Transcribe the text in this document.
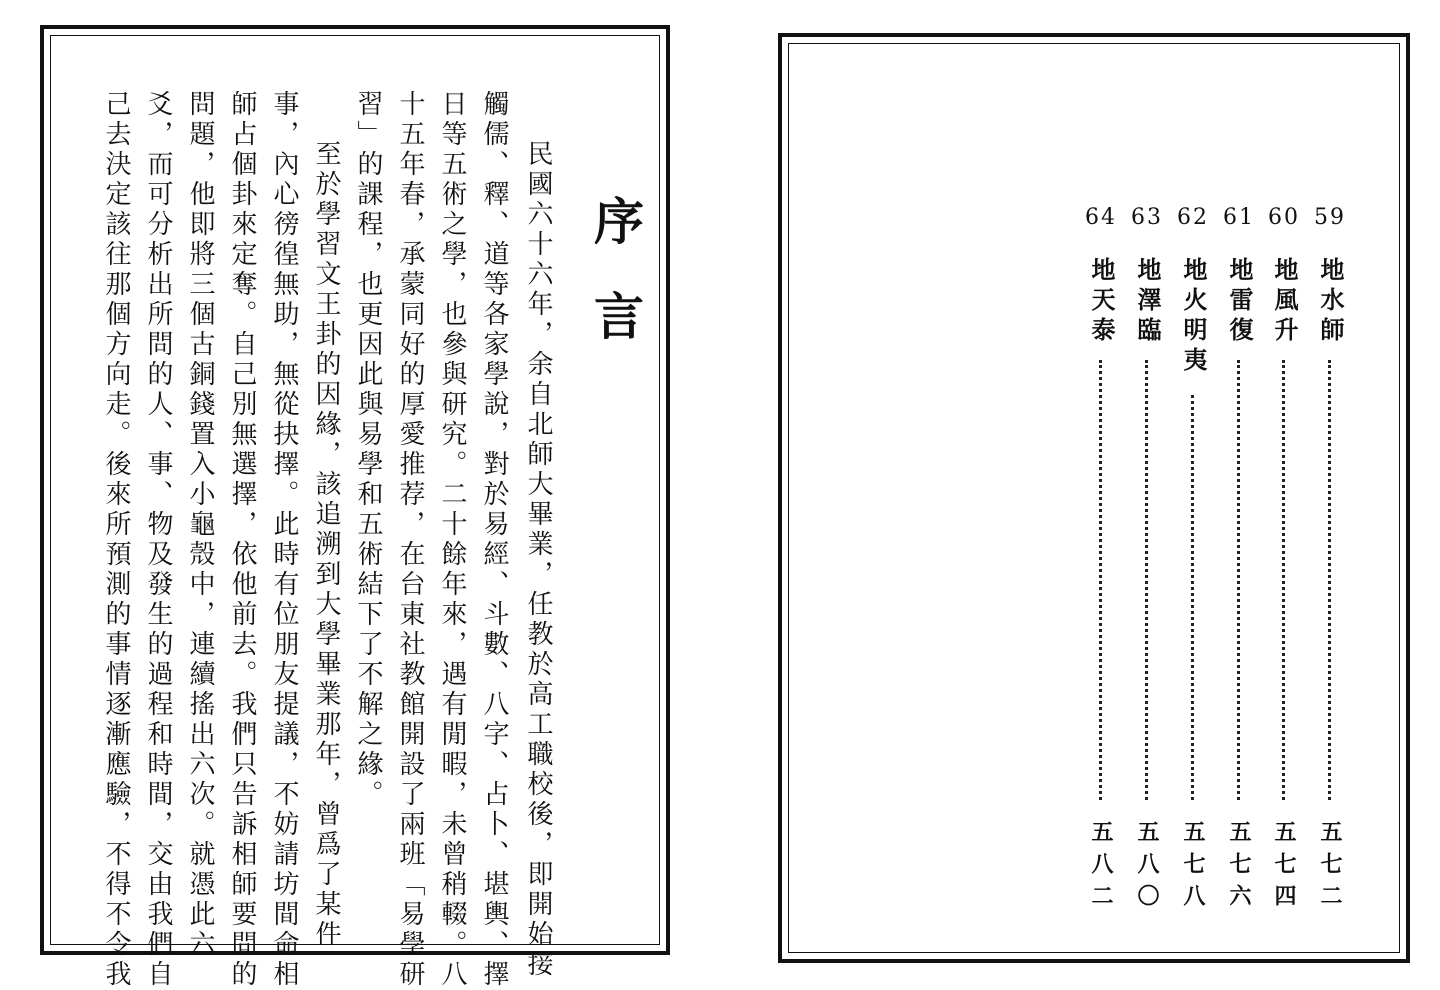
序言
民國六十六年，余自北師大畢業，任教於高工職校後，即開始接
觸儒、釋、道等各家學說，對於易經、斗數、八字、占卜、堪輿、擇
日等五術之學，也參與研究。二十餘年來，遇有閒暇，未曾稍輟。八
十五年春，承蒙同好的厚愛推荐，在台東社教館開設了兩班「易學研
習」的課程，也更因此與易學和五術結下了不解之緣。
至於學習文王卦的因緣，該追溯到大學畢業那年，曾爲了某件
事，內心徬徨無助，無從抉擇。此時有位朋友提議，不妨請坊間命相
師占個卦來定奪。自己別無選擇，依他前去。我們只告訴相師要問的
問題，他即將三個古銅錢置入小龜殼中，連續搖出六次。就憑此六
爻，而可分析出所問的人、事、物及發生的過程和時間，交由我們自
己去決定該往那個方向走。後來所預測的事情逐漸應驗，不得不令我	59
地水師
五七二
60
地風升
五七四
61
地雷復
五七六
62
地火明夷
五七八
63
地澤臨
五八〇
64
地天泰
五八二
